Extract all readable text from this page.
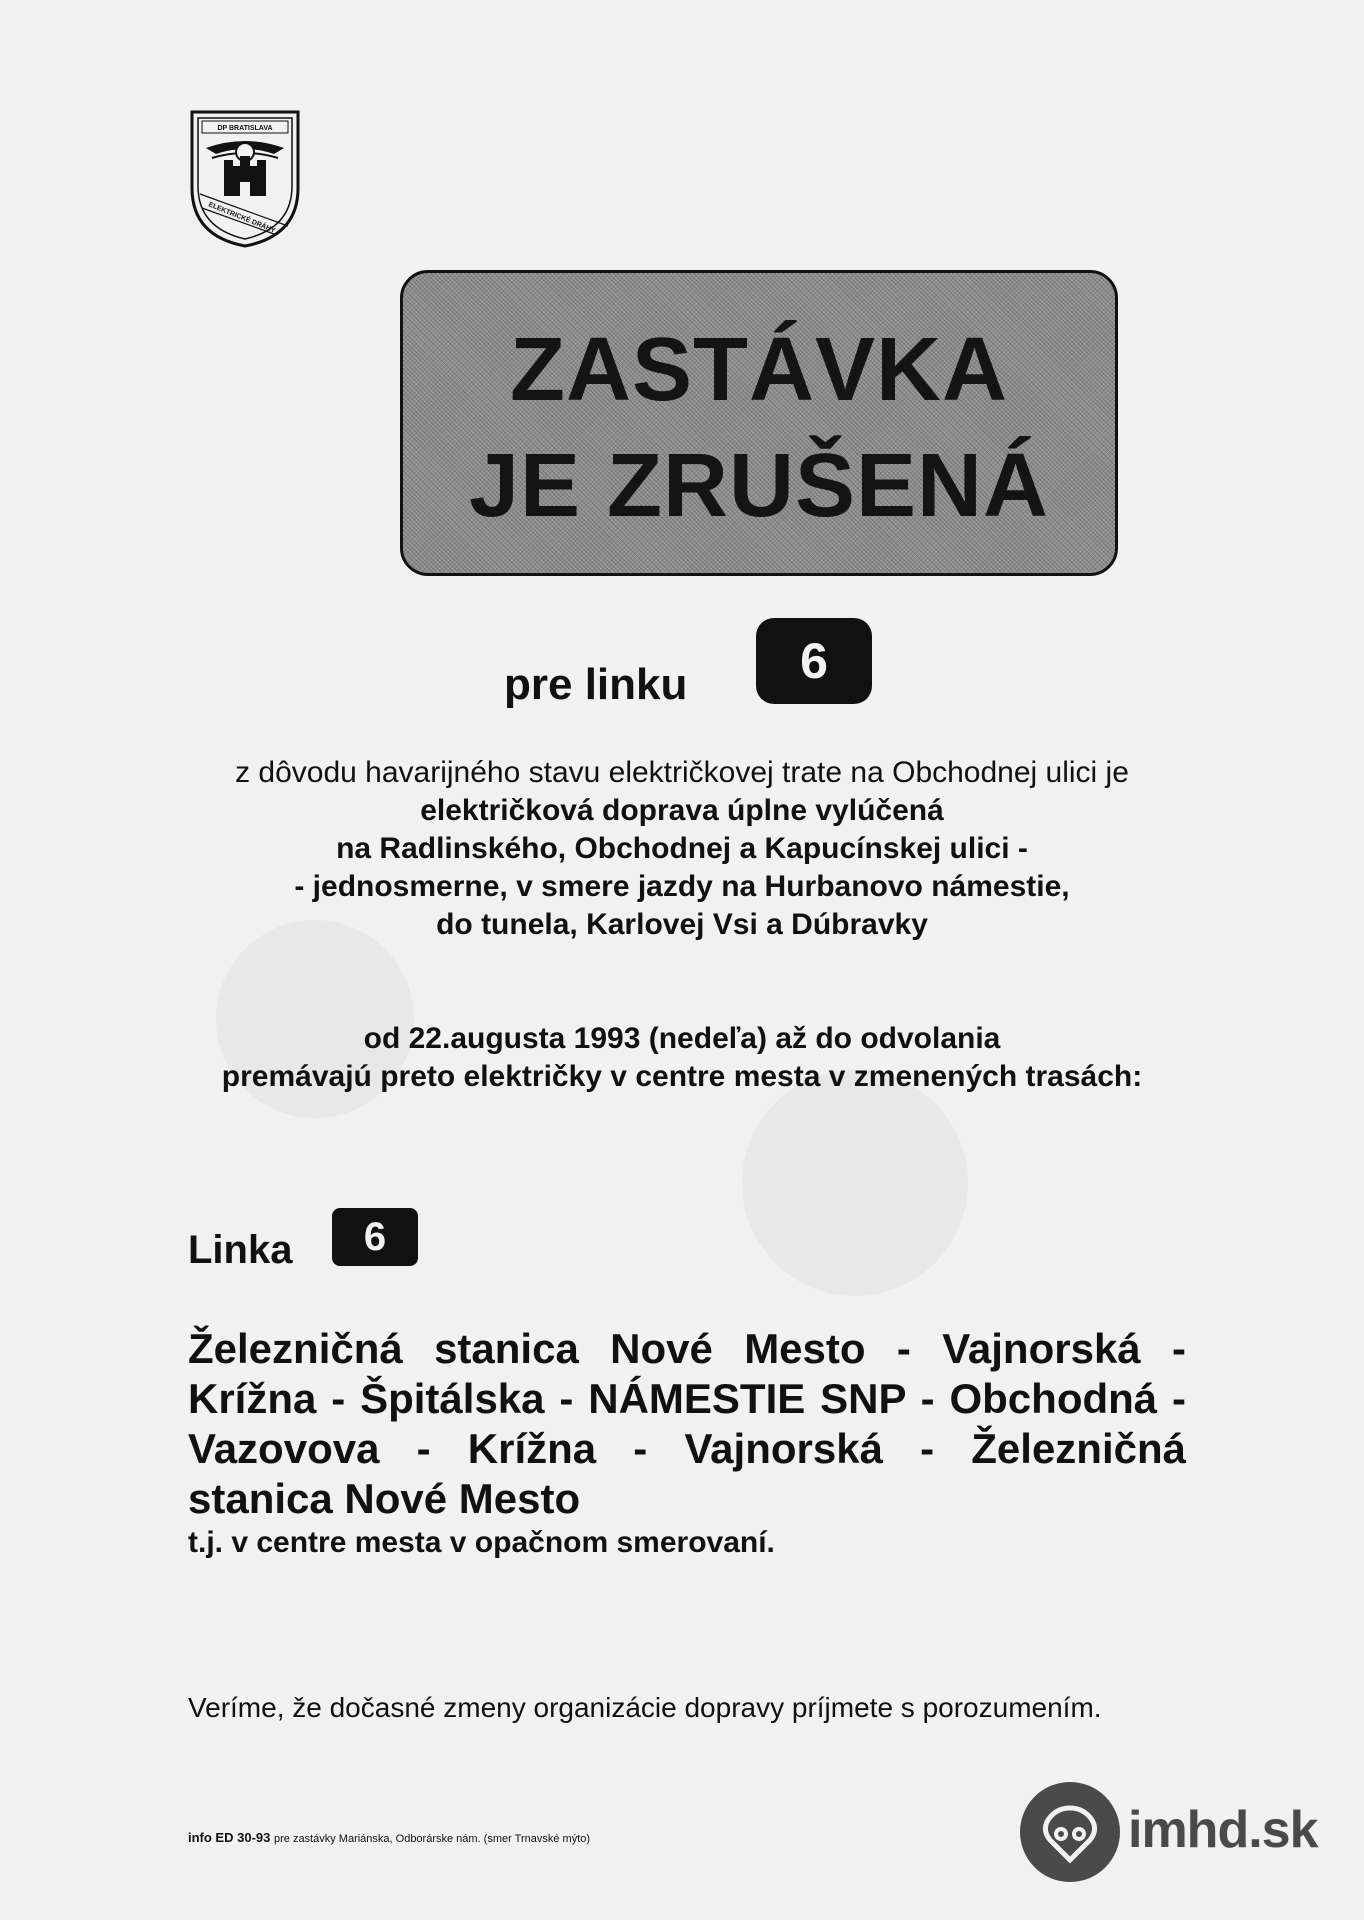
DP BRATISLAVA
ELEKTRICKÉ DRÁHY
ZASTÁVKA
JE ZRUŠENÁ
pre linku	6
z dôvodu havarijného stavu električkovej trate na Obchodnej ulici je
električková doprava úplne vylúčená
na Radlinského, Obchodnej a Kapucínskej ulici -
- jednosmerne, v smere jazdy na Hurbanovo námestie,
do tunela, Karlovej Vsi a Dúbravky
od 22.augusta 1993 (nedeľa) až do odvolania
premávajú preto električky v centre mesta v zmenených trasách:
Linka	6
Železničná stanica Nové Mesto - Vajnorská - Krížna - Špitálska - NÁMESTIE SNP - Obchodná - Vazovova - Krížna - Vajnorská - Železničná stanica Nové Mesto
t.j. v centre mesta v opačnom smerovaní.
Veríme, že dočasné zmeny organizácie dopravy príjmete s porozumením.
info ED 30-93 pre zastávky Mariánska, Odborárske nám. (smer Trnavské mýto)	imhd.sk
